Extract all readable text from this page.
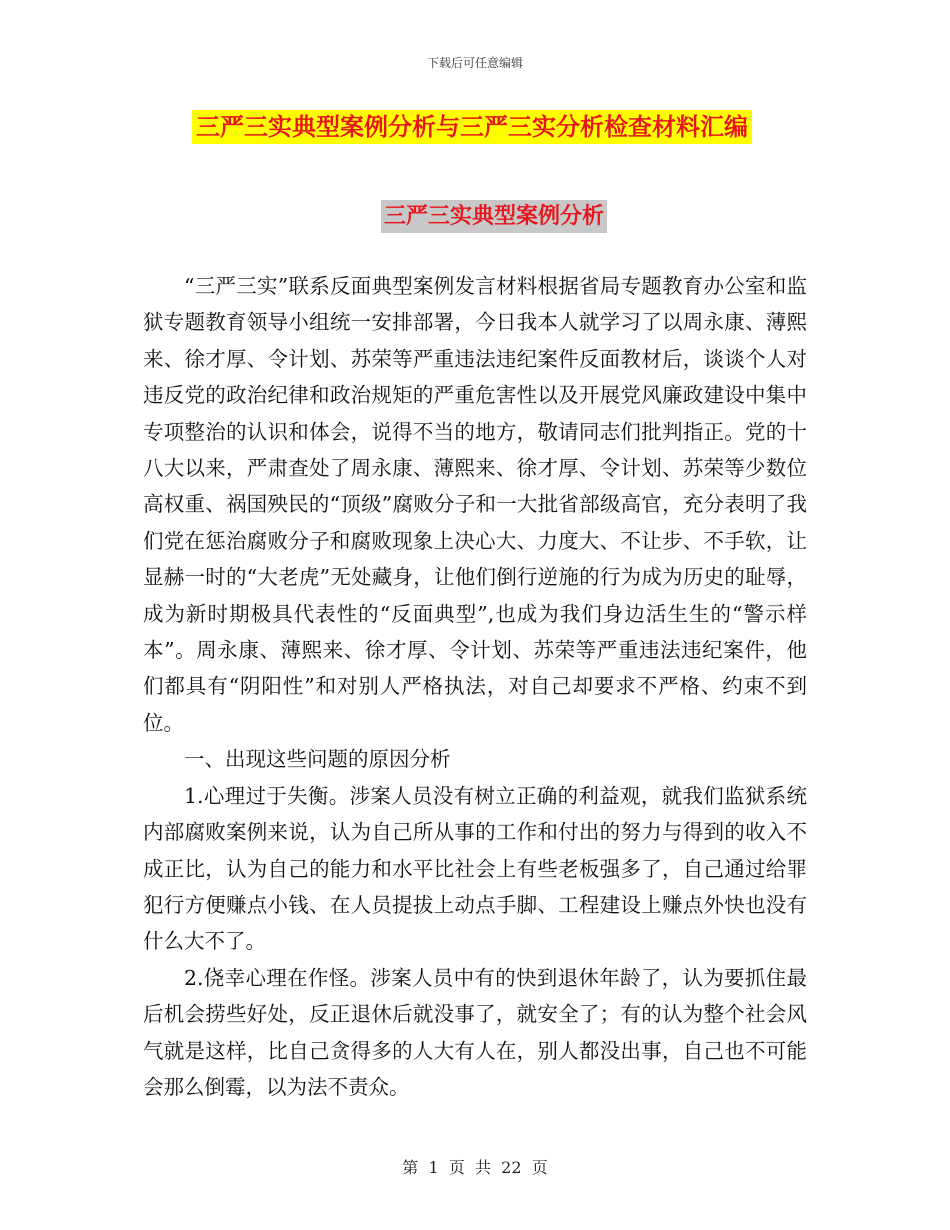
下载后可任意编辑
三严三实典型案例分析与三严三实分析检查材料汇编
三严三实典型案例分析

“三严三实”联系反面典型案例发言材料根据省局专题教育办公室和监狱专题教育领导小组统一安排部署，今日我本人就学习了以周永康、薄熙来、徐才厚、令计划、苏荣等严重违法违纪案件反面教材后，谈谈个人对违反党的政治纪律和政治规矩的严重危害性以及开展党风廉政建设中集中专项整治的认识和体会，说得不当的地方，敬请同志们批判指正。党的十八大以来，严肃查处了周永康、薄熙来、徐才厚、令计划、苏荣等少数位高权重、祸国殃民的“顶级”腐败分子和一大批省部级高官，充分表明了我们党在惩治腐败分子和腐败现象上决心大、力度大、不让步、不手软，让显赫一时的“大老虎”无处藏身，让他们倒行逆施的行为成为历史的耻辱，成为新时期极具代表性的“反面典型”,也成为我们身边活生生的“警示样本”。周永康、薄熙来、徐才厚、令计划、苏荣等严重违法违纪案件，他们都具有“阴阳性”和对别人严格执法，对自己却要求不严格、约束不到位。

一、出现这些问题的原因分析

1.心理过于失衡。涉案人员没有树立正确的利益观，就我们监狱系统内部腐败案例来说，认为自己所从事的工作和付出的努力与得到的收入不成正比，认为自己的能力和水平比社会上有些老板强多了，自己通过给罪犯行方便赚点小钱、在人员提拔上动点手脚、工程建设上赚点外快也没有什么大不了。

2.侥幸心理在作怪。涉案人员中有的快到退休年龄了，认为要抓住最后机会捞些好处，反正退休后就没事了，就安全了；有的认为整个社会风气就是这样，比自己贪得多的人大有人在，别人都没出事，自己也不可能会那么倒霉，以为法不责众。

第  1  页  共  22  页
